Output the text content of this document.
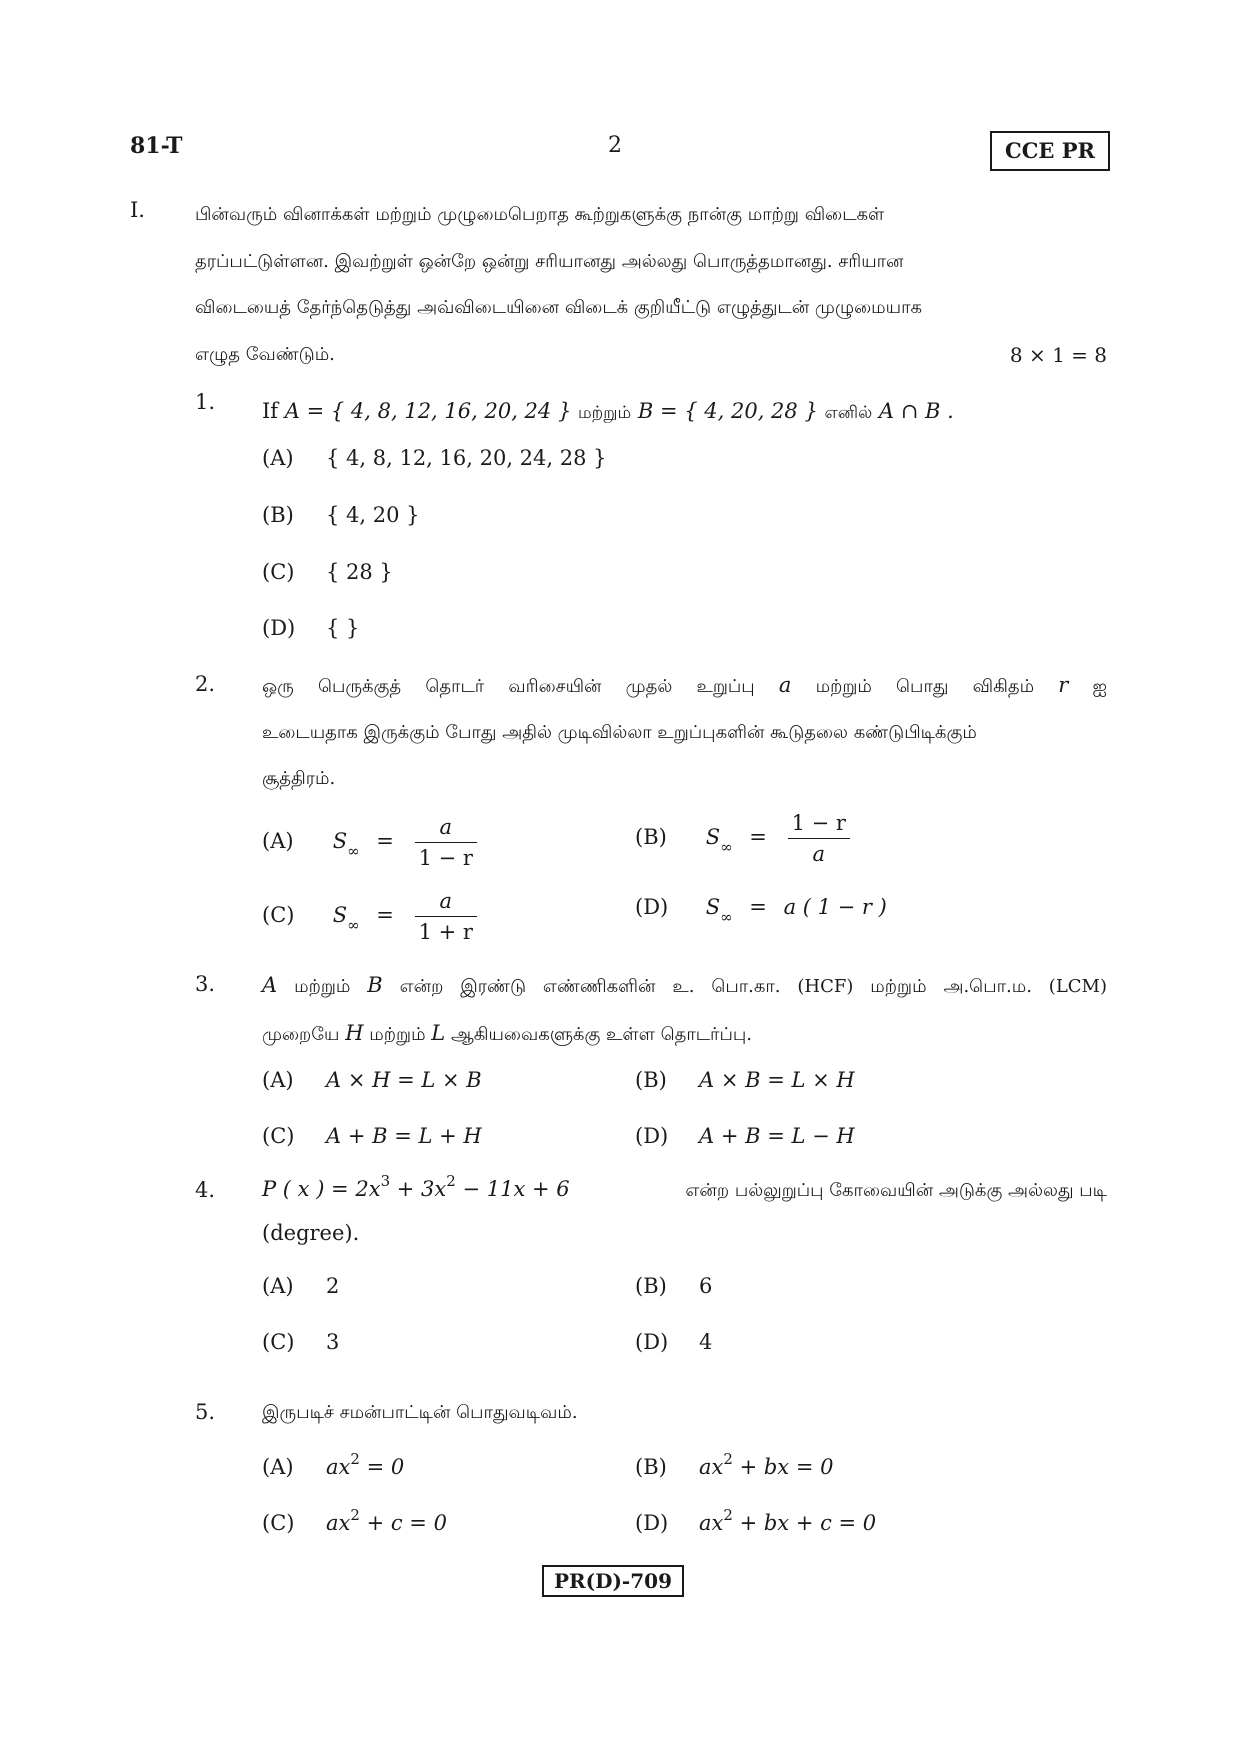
81-T	2	CCE PR
I.	பின்வரும் வினாக்கள் மற்றும் முழுமைபெறாத கூற்றுகளுக்கு நான்கு மாற்று விடைகள்
தரப்பட்டுள்ளன. இவற்றுள் ஒன்றே ஒன்று சரியானது அல்லது பொருத்தமானது. சரியான
விடையைத் தேர்ந்தெடுத்து அவ்விடையினை விடைக் குறியீட்டு எழுத்துடன் முழுமையாக
எழுத வேண்டும்.	8 × 1 = 8
1. If A = { 4, 8, 12, 16, 20, 24 } மற்றும் B = { 4, 20, 28 } எனில் A ∩ B .
(A) { 4, 8, 12, 16, 20, 24, 28 }
(B) { 4, 20 }
(C) { 28 }
(D) { }
2.	ஒரு பெருக்குத் தொடர் வரிசையின் முதல் உறுப்பு a மற்றும் பொது விகிதம் r ஐ
உடையதாக இருக்கும் போது அதில் முடிவில்லா உறுப்புகளின் கூடுதலை கண்டுபிடிக்கும்
சூத்திரம்.
(A) $S_\infty = \frac{a}{1 - r}$	(B) $S_\infty = \frac{1 - r}{a}$
(C) $S_\infty = \frac{a}{1 + r}$	(D) $S_\infty = a$ ( 1 − r )
3. A மற்றும் B என்ற இரண்டு எண்ணிகளின் உ. பொ.கா. (HCF) மற்றும் அ.பொ.ம. (LCM)
முறையே H மற்றும் L ஆகியவைகளுக்கு உள்ள தொடர்ப்பு.
(A) A × H = L × B	(B) A × B = L × H
(C) A + B = L + H	(D) A + B = L − H
4. P ( x ) = $2x^3 + 3x^2 - 11x + 6$	என்ற பல்லுறுப்பு கோவையின் அடுக்கு அல்லது படி
(degree).
(A) 2	(B) 6
(C) 3	(D) 4
5.	இருபடிச் சமன்பாட்டின் பொதுவடிவம்.
(A) $ax^2 = 0$	(B) $ax^2$ + bx = 0
(C) $ax^2 + c = 0$	(D) $ax^2$ + bx + c = 0
PR(D)-709
